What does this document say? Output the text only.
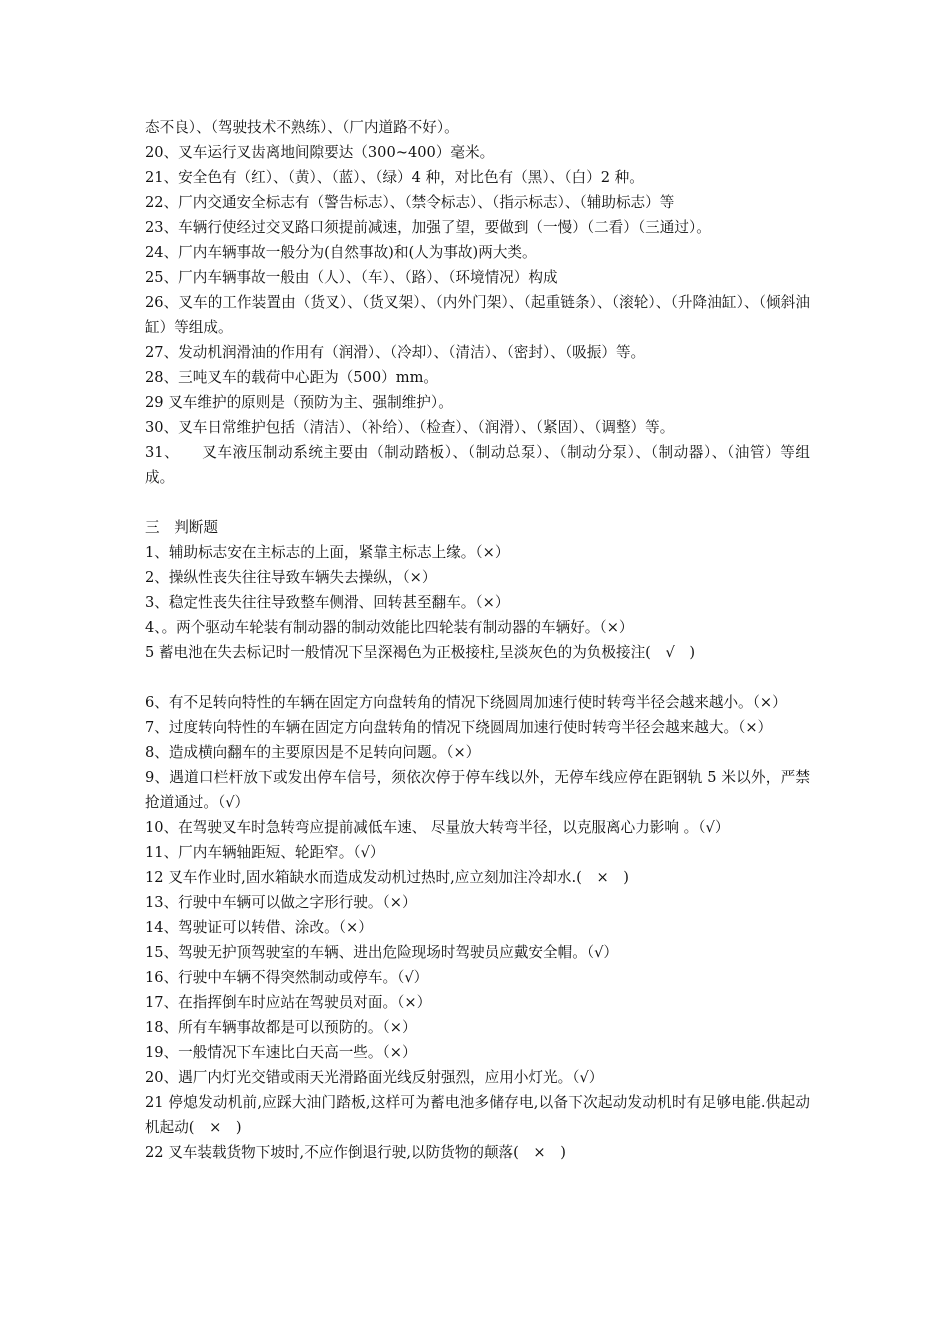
态不良）、（驾驶技术不熟练）、（厂内道路不好）。
20、叉车运行叉齿离地间隙要达（300~400）毫米。
21、安全色有（红）、（黄）、（蓝）、（绿）4 种，对比色有（黑）、（白）2 种。
22、厂内交通安全标志有（警告标志）、（禁令标志）、（指示标志）、（辅助标志）等
23、车辆行使经过交叉路口须提前减速，加强了望，要做到（一慢）（二看）（三通过）。
24、厂内车辆事故一般分为(自然事故)和(人为事故)两大类。
25、厂内车辆事故一般由（人）、（车）、（路）、（环境情况）构成
26、叉车的工作装置由（货叉）、（货叉架）、（内外门架）、（起重链条）、（滚轮）、（升降油缸）、（倾斜油缸）等组成。
27、发动机润滑油的作用有（润滑）、（冷却）、（清洁）、（密封）、（吸振）等。
28、三吨叉车的载荷中心距为（500）mm。
29 叉车维护的原则是（预防为主、强制维护）。
30、叉车日常维护包括（清洁）、（补给）、（检查）、（润滑）、（紧固）、（调整）等。
31、　　叉车液压制动系统主要由（制动踏板）、（制动总泵）、（制动分泵）、（制动器）、（油管）等组成。
三　判断题
1、辅助标志安在主标志的上面，紧靠主标志上缘。（×）
2、操纵性丧失往往导致车辆失去操纵，（×）
3、稳定性丧失往往导致整车侧滑、回转甚至翻车。（×）
4、。两个驱动车轮装有制动器的制动效能比四轮装有制动器的车辆好。（×）
5 蓄电池在失去标记时一般情况下呈深褐色为正极接柱,呈淡灰色的为负极接注(　√　)
6、有不足转向特性的车辆在固定方向盘转角的情况下绕圆周加速行使时转弯半径会越来越小。（×）
7、过度转向特性的车辆在固定方向盘转角的情况下绕圆周加速行使时转弯半径会越来越大。（×）
8、造成横向翻车的主要原因是不足转向问题。（×）
9、遇道口栏杆放下或发出停车信号，须依次停于停车线以外，无停车线应停在距钢轨 5 米以外，严禁抢道通过。（√）
10、在驾驶叉车时急转弯应提前减低车速、 尽量放大转弯半径，以克服离心力影响 。（√）
11、厂内车辆轴距短、轮距窄。（√）
12 叉车作业时,固水箱缺水而造成发动机过热时,应立刻加注冷却水.(　×　)
13、行驶中车辆可以做之字形行驶。（×）
14、驾驶证可以转借、涂改。（×）
15、驾驶无护顶驾驶室的车辆、进出危险现场时驾驶员应戴安全帽。（√）
16、行驶中车辆不得突然制动或停车。（√）
17、在指挥倒车时应站在驾驶员对面。（×）
18、所有车辆事故都是可以预防的。（×）
19、一般情况下车速比白天高一些。（×）
20、遇厂内灯光交错或雨天光滑路面光线反射强烈，应用小灯光。（√）
21 停熄发动机前,应踩大油门踏板,这样可为蓄电池多储存电,以备下次起动发动机时有足够电能.供起动机起动(　×　)
22 叉车装载货物下坡时,不应作倒退行驶,以防货物的颠落(　×　)
